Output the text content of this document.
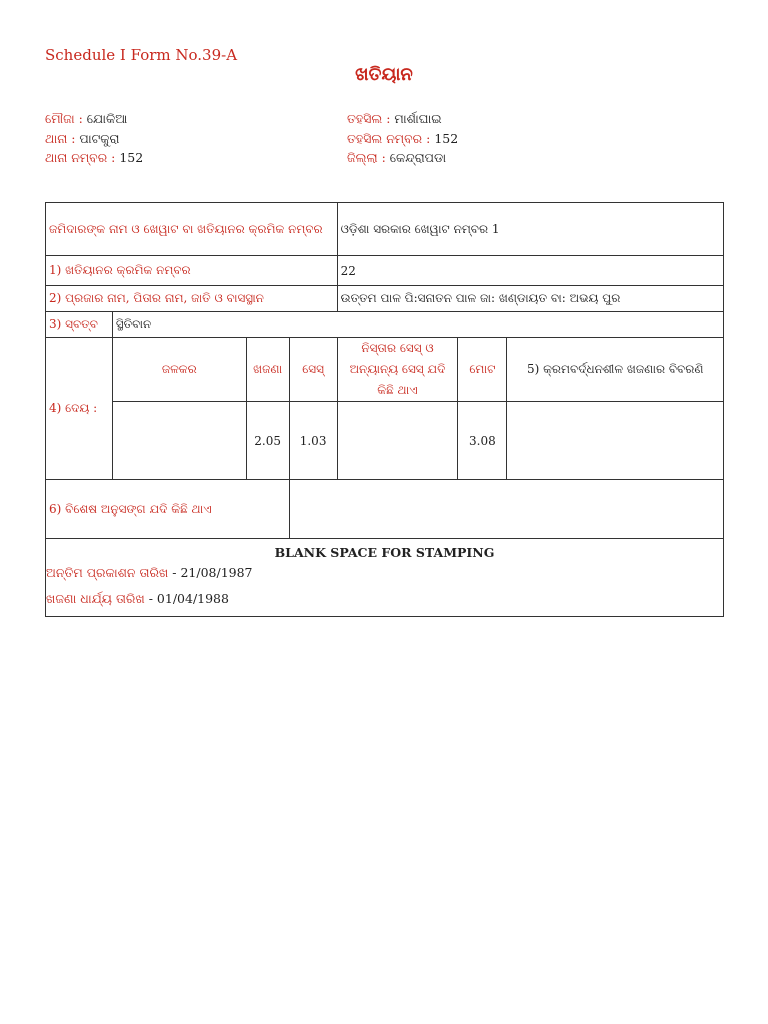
Schedule I Form No.39-A
ଖତିୟାନ
ମୌଜା : ଯୋକିଆ
ଥାନା : ପାଟକୁରା
ଥାନା ନମ୍ବର : 152
ତହସିଲ : ମାର୍ଶାଘାଇ
ତହସିଲ ନମ୍ବର : 152
ଜିଲ୍ଲା : କେନ୍ଦ୍ରାପଡା
ଜମିଦାରଙ୍କ ନାମ ଓ ଖେୱାଟ ବା ଖତିୟାନର କ୍ରମିକ ନମ୍ବର				ଓଡ଼ିଶା ସରକାର ଖେୱାଟ ନମ୍ବର 1		
1) ଖତିୟାନର କ୍ରମିକ ନମ୍ବର				22		
2) ପ୍ରଜାର ନାମ, ପିତାର ନାମ, ଜାତି ଓ ବାସସ୍ଥାନ				ଉତ୍ତମ ପାଳ ପି:ସନାତନ ପାଳ ଜା: ଖଣ୍ଡାୟତ ବା: ଅଭୟ ପୁର		
3) ସ୍ବତ୍ବ	ସ୍ଥିତିବାନ					
4) ଦେୟ :	ଜଳକର	ଖଜଣା	ସେସ୍	ନିସ୍ତାର ସେସ୍ ଓ ଅନ୍ୟାନ୍ୟ ସେସ୍ ଯଦି କିଛି ଥାଏ	ମୋଟ	5) କ୍ରମବର୍ଦ୍ଧନଶୀଳ ଖଜଣାର ବିବରଣି
		2.05	1.03		3.08	
6) ବିଶେଷ ଅନୁସଙ୍ଗ ଯଦି କିଛି ଥାଏ						

BLANK SPACE FOR STAMPING
ଅନ୍ତିମ ପ୍ରକାଶନ ତାରିଖ - 21/08/1987
ଖଜଣା ଧାର୍ଯ୍ୟ ତାରିଖ - 01/04/1988						
